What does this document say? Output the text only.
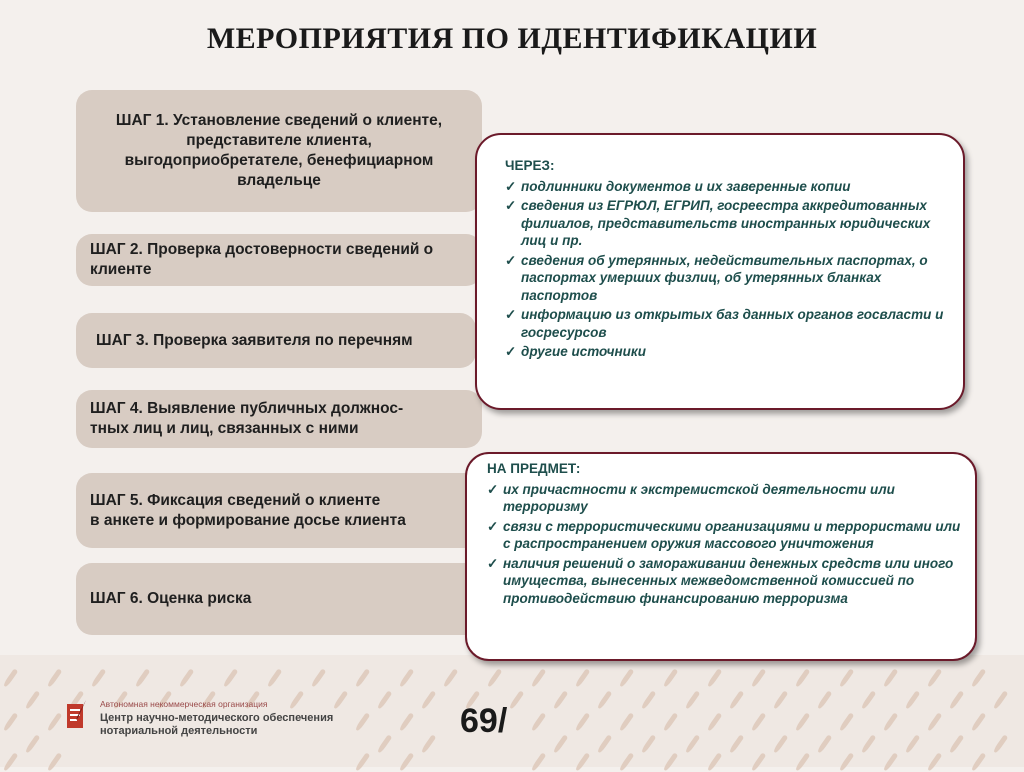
МЕРОПРИЯТИЯ ПО ИДЕНТИФИКАЦИИ
ШАГ 1. Установление сведений о клиенте,
представителе клиента,
выгодоприобретателе, бенефициарном
владельце
ШАГ 2. Проверка достоверности сведений о
клиенте
ШАГ 3. Проверка заявителя по перечням
ШАГ 4. Выявление публичных должнос-
тных лиц и лиц, связанных с ними
ШАГ 5. Фиксация сведений о клиенте
в анкете и формирование досье клиента
ШАГ 6. Оценка риска
ЧЕРЕЗ:
✓ подлинники документов и их заверенные копии
✓ сведения из ЕГРЮЛ, ЕГРИП, госреестра аккредитованных филиалов, представительств иностранных юридических лиц и пр.
✓ сведения об утерянных, недействительных паспортах, о паспортах умерших физлиц, об утерянных бланках паспортов
✓ информацию из открытых баз данных органов госвласти и госресурсов
✓ другие источники
НА ПРЕДМЕТ:
✓ их причастности к экстремистской деятельности или терроризму
✓ связи с террористическими организациями и террористами или с распространением оружия массового уничтожения
✓ наличия решений о замораживании денежных средств или иного имущества, вынесенных межведомственной комиссией по противодействию финансированию терроризма
Автономная некоммерческая организация
Центр научно-методического обеспечения
нотариальной деятельности	69/
